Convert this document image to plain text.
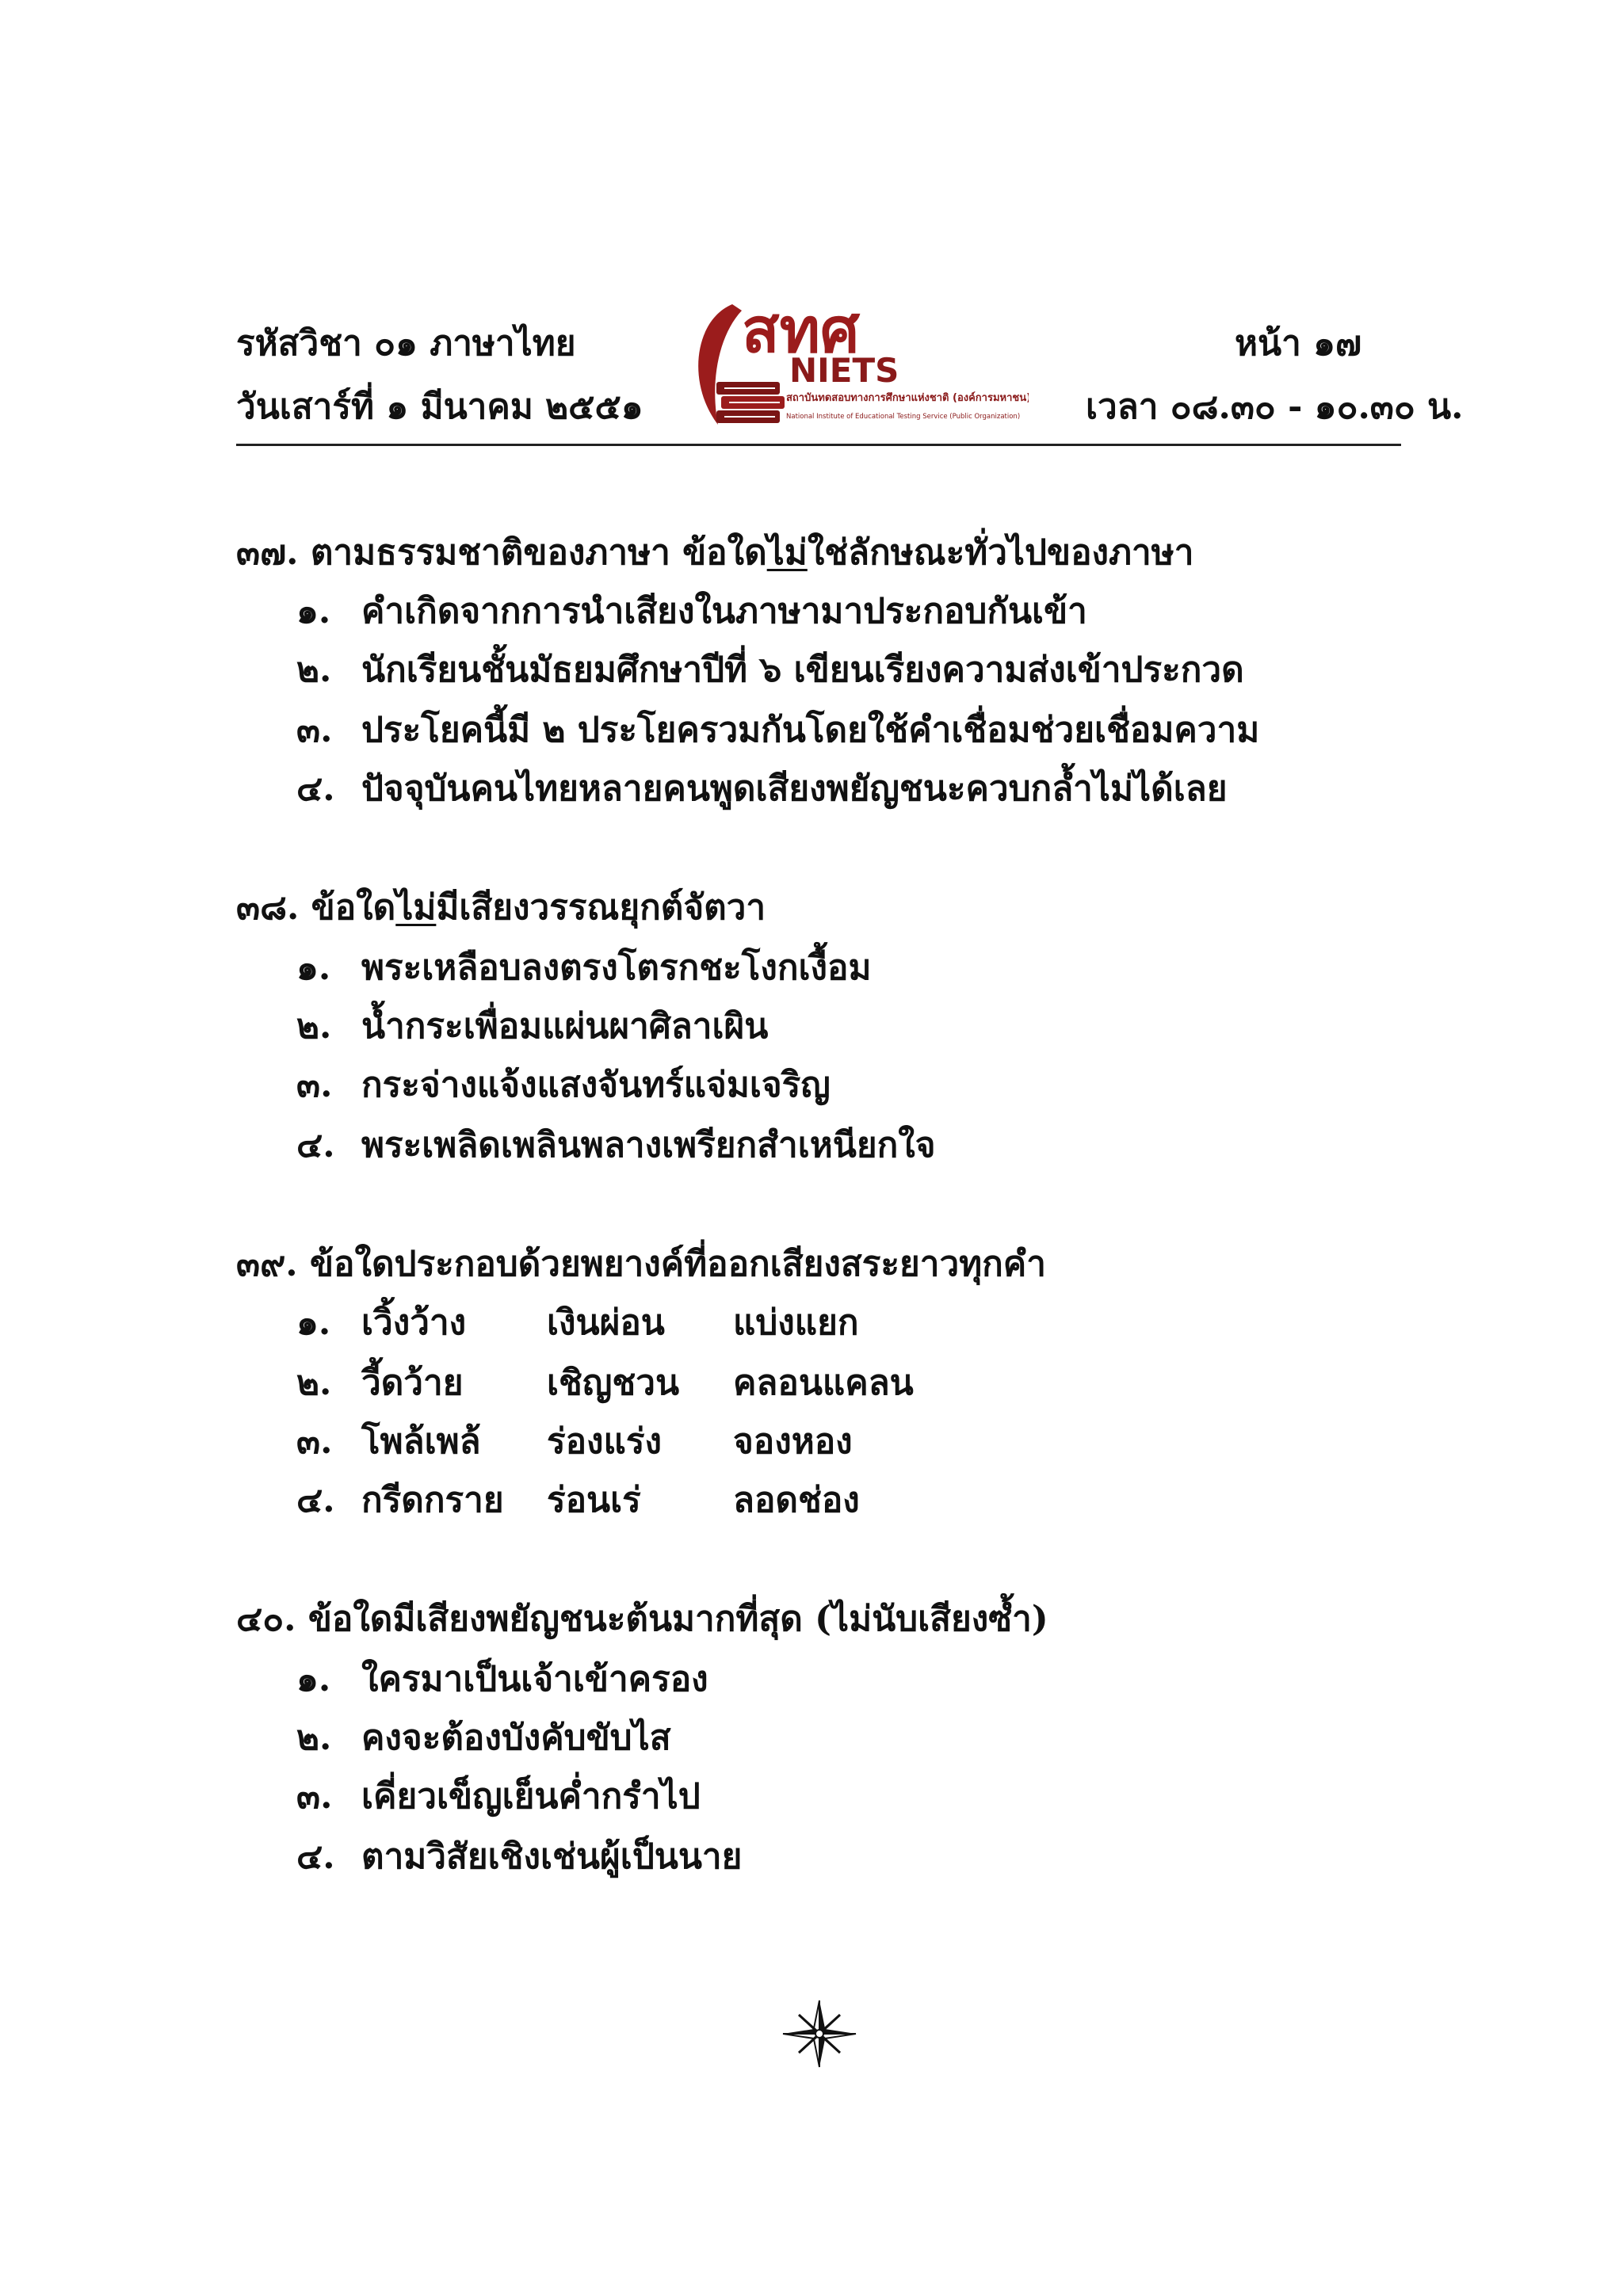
รหัสวิชา ๐๑ ภาษาไทย
วันเสาร์ที่ ๑ มีนาคม ๒๕๕๑
หน้า ๑๗
เวลา ๐๘.๓๐ - ๑๐.๓๐ น.
สทศ
NIETS
สถาบันทดสอบทางการศึกษาแห่งชาติ (องค์การมหาชน)
National Institute of Educational Testing Service (Public Organization)
๓๗. ตามธรรมชาติของภาษา ข้อใดไม่ใช่ลักษณะทั่วไปของภาษา
๑. คำเกิดจากการนำเสียงในภาษามาประกอบกันเข้า
๒. นักเรียนชั้นมัธยมศึกษาปีที่ ๖ เขียนเรียงความส่งเข้าประกวด
๓. ประโยคนี้มี ๒ ประโยครวมกันโดยใช้คำเชื่อมช่วยเชื่อมความ
๔. ปัจจุบันคนไทยหลายคนพูดเสียงพยัญชนะควบกล้ำไม่ได้เลย
๓๘. ข้อใดไม่มีเสียงวรรณยุกต์จัตวา
๑. พระเหลือบลงตรงโตรกชะโงกเงื้อม
๒. น้ำกระเพื่อมแผ่นผาศิลาเผิน
๓. กระจ่างแจ้งแสงจันทร์แจ่มเจริญ
๔. พระเพลิดเพลินพลางเพรียกสำเหนียกใจ
๓๙. ข้อใดประกอบด้วยพยางค์ที่ออกเสียงสระยาวทุกคำ
๑. เวิ้งว้าง เงินผ่อน แบ่งแยก
๒. วี้ดว้าย เชิญชวน คลอนแคลน
๓. โพล้เพล้ ร่องแร่ง จองหอง
๔. กรีดกราย ร่อนเร่	ลอดช่อง
๔๐. ข้อใดมีเสียงพยัญชนะต้นมากที่สุด (ไม่นับเสียงซ้ำ)
๑. ใครมาเป็นเจ้าเข้าครอง
๒. คงจะต้องบังคับขับไส
๓. เคี่ยวเข็ญเย็นค่ำกรำไป
๔. ตามวิสัยเชิงเช่นผู้เป็นนาย
